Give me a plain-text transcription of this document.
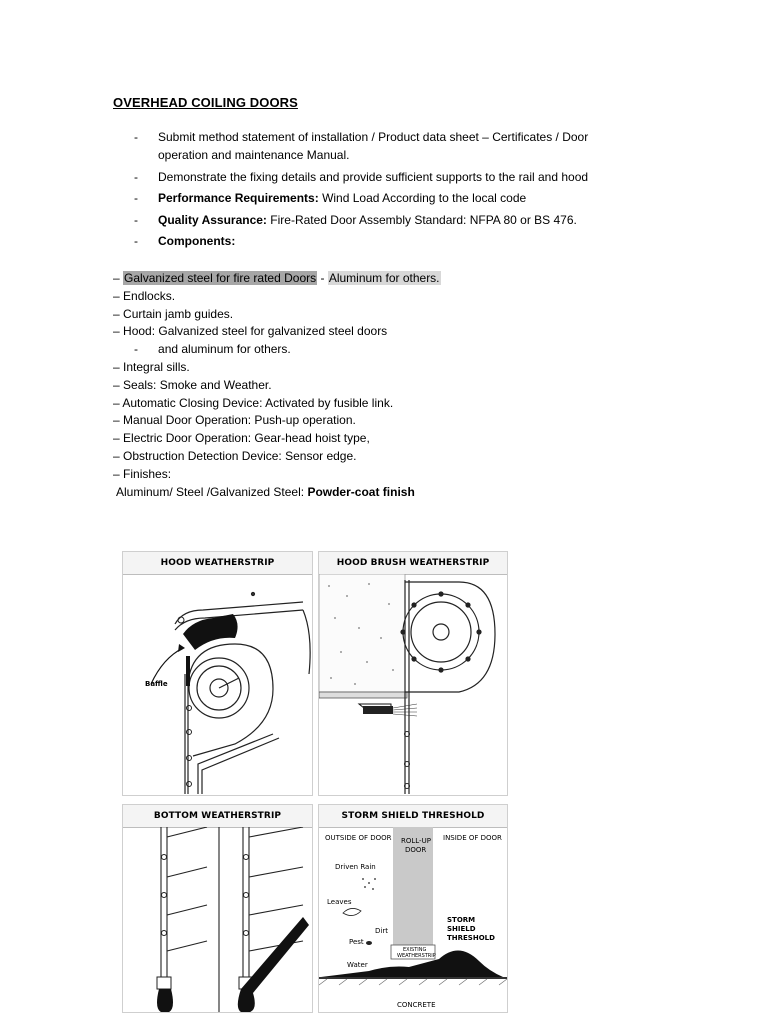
OVERHEAD COILING DOORS
- Submit method statement of installation / Product data sheet – Certificates / Door
operation and maintenance Manual.
- Demonstrate the fixing details and provide sufficient supports to the rail and hood
- Performance Requirements: Wind Load According to the local code
- Quality Assurance: Fire-Rated Door Assembly Standard: NFPA 80 or BS 476.
- Components:
– Galvanized steel for fire rated Doors - Aluminum for others.
– Endlocks.
– Curtain jamb guides.
– Hood: Galvanized steel for galvanized steel doors
- and aluminum for others.
– Integral sills.
– Seals: Smoke and Weather.
– Automatic Closing Device: Activated by fusible link.
– Manual Door Operation: Push-up operation.
– Electric Door Operation: Gear-head hoist type,
– Obstruction Detection Device: Sensor edge.
– Finishes:
Aluminum/ Steel /Galvanized Steel: Powder-coat finish
HOOD WEATHERSTRIP
Baffle
HOOD BRUSH WEATHERSTRIP
BOTTOM WEATHERSTRIP	STORM SHIELD THRESHOLD
OUTSIDE OF DOOR	INSIDE OF DOOR
ROLL-UP
DOOR
Driven Rain
Leaves
Dirt
Pest
Water
EXISTING
WEATHERSTRIP
STORM
SHIELD
THRESHOLD
CONCRETE
